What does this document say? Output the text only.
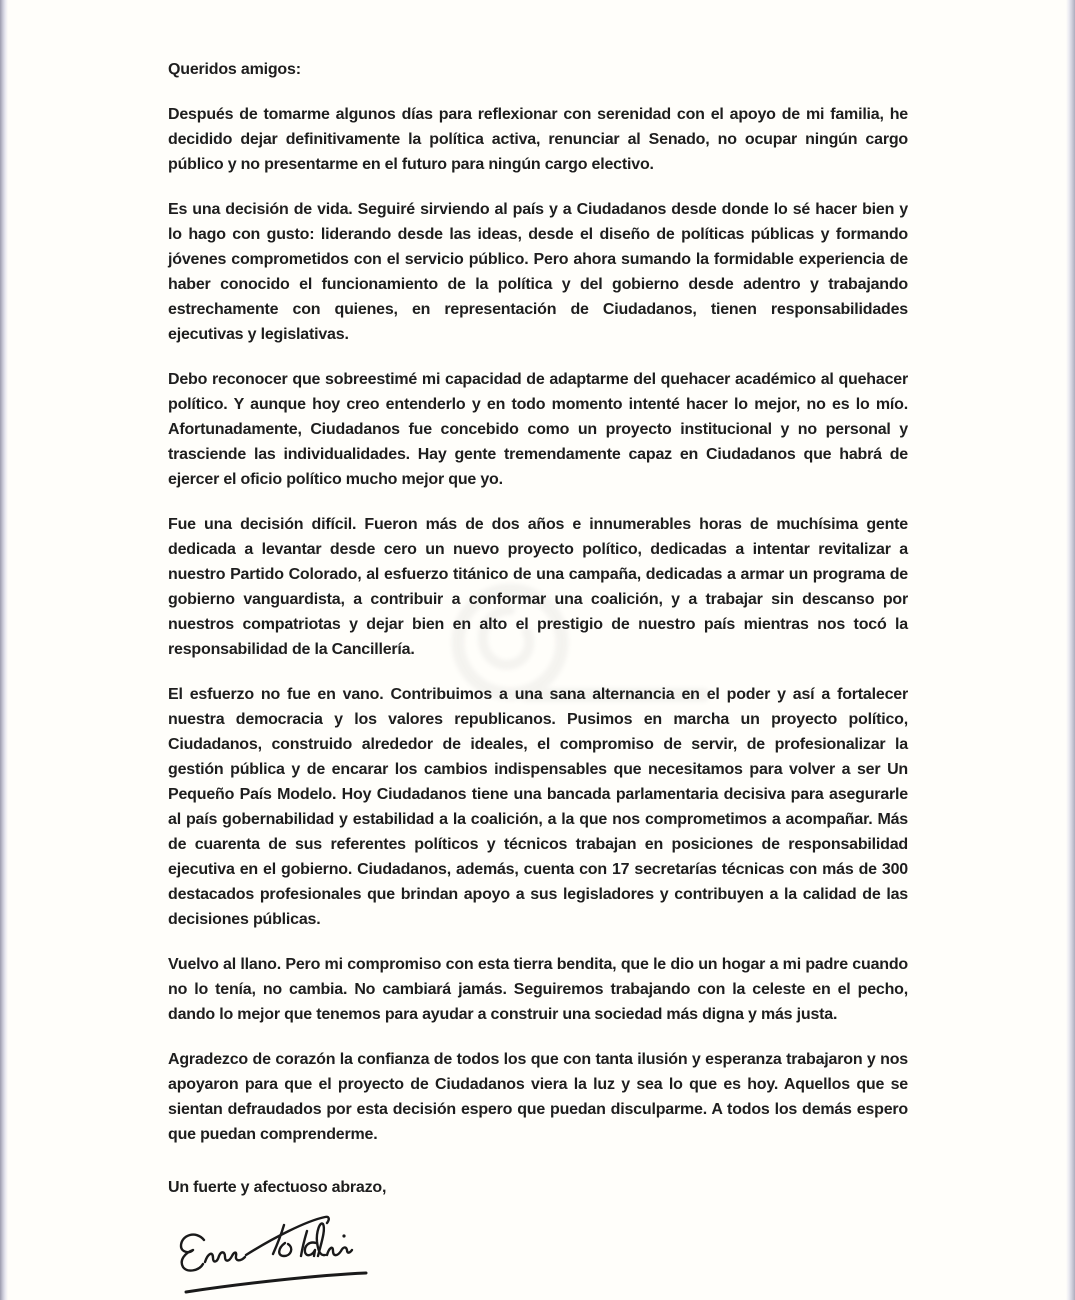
Queridos amigos:

Después de tomarme algunos días para reflexionar con serenidad con el apoyo de mi familia, he decidido dejar definitivamente la política activa, renunciar al Senado, no ocupar ningún cargo público y no presentarme en el futuro para ningún cargo electivo.

Es una decisión de vida. Seguiré sirviendo al país y a Ciudadanos desde donde lo sé hacer bien y lo hago con gusto: liderando desde las ideas, desde el diseño de políticas públicas y formando jóvenes comprometidos con el servicio público. Pero ahora sumando la formidable experiencia de haber conocido el funcionamiento de la política y del gobierno desde adentro y trabajando estrechamente con quienes, en representación de Ciudadanos, tienen responsabilidades ejecutivas y legislativas.

Debo reconocer que sobreestimé mi capacidad de adaptarme del quehacer académico al quehacer político. Y aunque hoy creo entenderlo y en todo momento intenté hacer lo mejor, no es lo mío. Afortunadamente, Ciudadanos fue concebido como un proyecto institucional y no personal y trasciende las individualidades. Hay gente tremendamente capaz en Ciudadanos que habrá de ejercer el oficio político mucho mejor que yo.

Fue una decisión difícil. Fueron más de dos años e innumerables horas de muchísima gente dedicada a levantar desde cero un nuevo proyecto político, dedicadas a intentar revitalizar a nuestro Partido Colorado, al esfuerzo titánico de una campaña, dedicadas a armar un programa de gobierno vanguardista, a contribuir a conformar una coalición, y a trabajar sin descanso por nuestros compatriotas y dejar bien en alto el prestigio de nuestro país mientras nos tocó la responsabilidad de la Cancillería.

El esfuerzo no fue en vano. Contribuimos a una sana alternancia en el poder y así a fortalecer nuestra democracia y los valores republicanos. Pusimos en marcha un proyecto político, Ciudadanos, construido alrededor de ideales, el compromiso de servir, de profesionalizar la gestión pública y de encarar los cambios indispensables que necesitamos para volver a ser Un Pequeño País Modelo. Hoy Ciudadanos tiene una bancada parlamentaria decisiva para asegurarle al país gobernabilidad y estabilidad a la coalición, a la que nos comprometimos a acompañar. Más de cuarenta de sus referentes políticos y técnicos trabajan en posiciones de responsabilidad ejecutiva en el gobierno. Ciudadanos, además, cuenta con 17 secretarías técnicas con más de 300 destacados profesionales que brindan apoyo a sus legisladores y contribuyen a la calidad de las decisiones públicas.

Vuelvo al llano. Pero mi compromiso con esta tierra bendita, que le dio un hogar a mi padre cuando no lo tenía, no cambia. No cambiará jamás. Seguiremos trabajando con la celeste en el pecho, dando lo mejor que tenemos para ayudar a construir una sociedad más digna y más justa.

Agradezco de corazón la confianza de todos los que con tanta ilusión y esperanza trabajaron y nos apoyaron para que el proyecto de Ciudadanos viera la luz y sea lo que es hoy. Aquellos que se sientan defraudados por esta decisión espero que puedan disculparme. A todos los demás espero que puedan comprenderme.

Un fuerte y afectuoso abrazo,
